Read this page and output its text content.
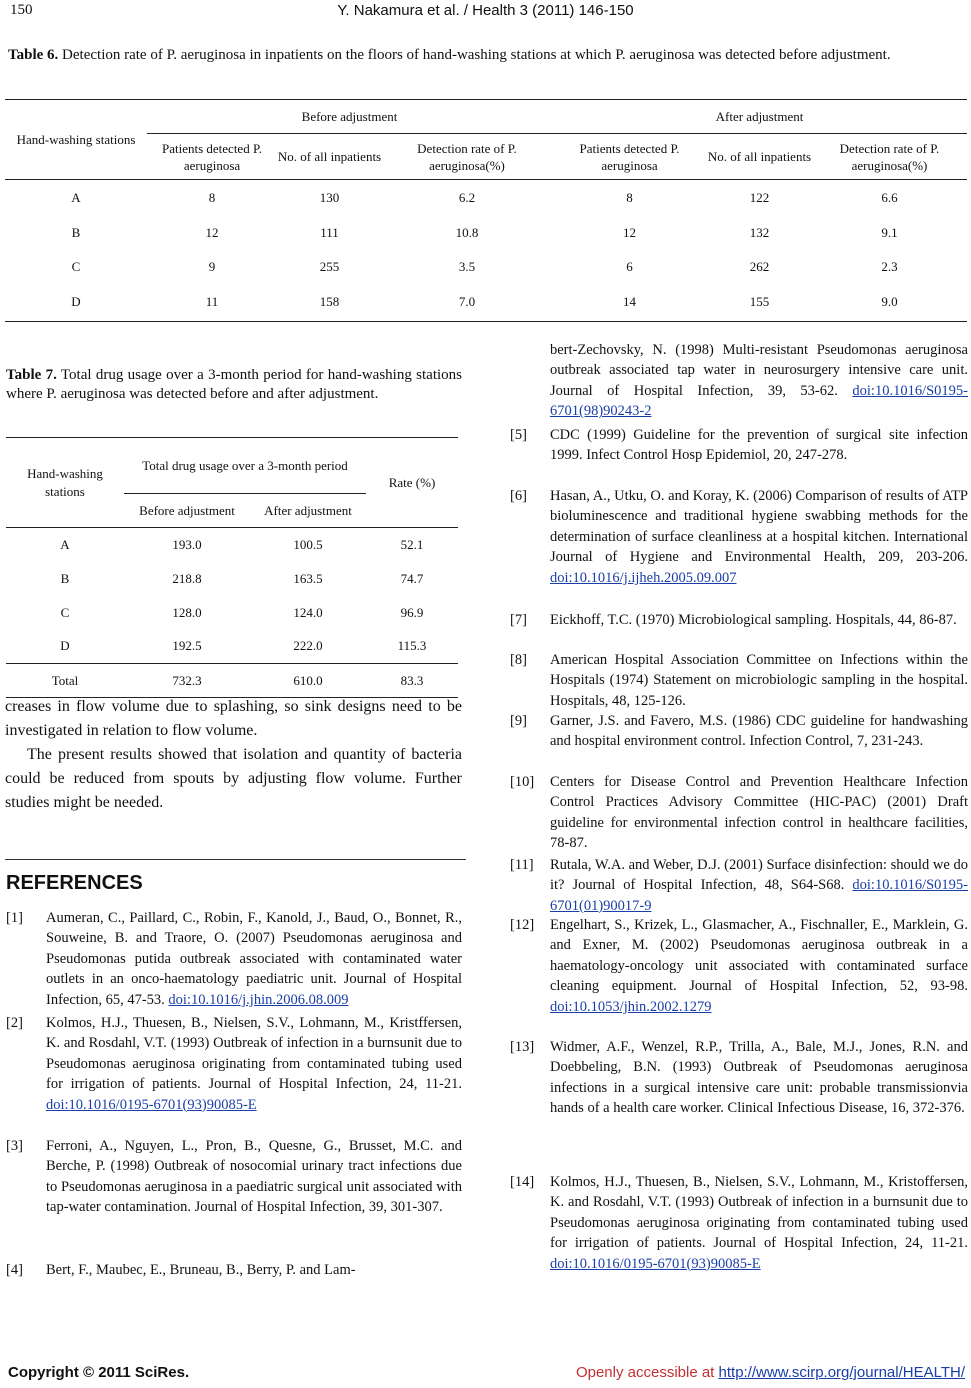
150	Y. Nakamura et al. / Health 3 (2011) 146-150
Table 6. Detection rate of P. aeruginosa in inpatients on the floors of hand-washing stations at which P. aeruginosa was detected before adjustment.
Hand-washing stations	Before adjustment			After adjustment		
	Patients detected P. aeruginosa	No. of all inpatients	Detection rate of P. aeruginosa(%)	Patients detected P. aeruginosa	No. of all inpatients	Detection rate of P. aeruginosa(%)
A	8	130	6.2	8	122	6.6
B	12	111	10.8	12	132	9.1
C	9	255	3.5	6	262	2.3
D	11	158	7.0	14	155	9.0
Table 7. Total drug usage over a 3-month period for hand-washing stations where P. aeruginosa was detected before and after adjustment.
Hand-washing stations	Total drug usage over a 3-month period		Rate (%)
	Before adjustment	After adjustment	
A	193.0	100.5	52.1
B	218.8	163.5	74.7
C	128.0	124.0	96.9
D	192.5	222.0	115.3
Total	732.3	610.0	83.3
creases in flow volume due to splashing, so sink designs need to be investigated in relation to flow volume.
The present results showed that isolation and quantity of bacteria could be reduced from spouts by adjusting flow volume. Further studies might be needed.
REFERENCES
[1] Aumeran, C., Paillard, C., Robin, F., Kanold, J., Baud, O., Bonnet, R., Souweine, B. and Traore, O. (2007) Pseudomonas aeruginosa and Pseudomonas putida outbreak associated with contaminated water outlets in an onco-haematology paediatric unit. Journal of Hospital Infection, 65, 47-53. doi:10.1016/j.jhin.2006.08.009
[2] Kolmos, H.J., Thuesen, B., Nielsen, S.V., Lohmann, M., Kristffersen, K. and Rosdahl, V.T. (1993) Outbreak of infection in a burnsunit due to Pseudomonas aeruginosa originating from contaminated tubing used for irrigation of patients. Journal of Hospital Infection, 24, 11-21. doi:10.1016/0195-6701(93)90085-E
[3] Ferroni, A., Nguyen, L., Pron, B., Quesne, G., Brusset, M.C. and Berche, P. (1998) Outbreak of nosocomial urinary tract infections due to Pseudomonas aeruginosa in a paediatric surgical unit associated with tap-water contamination. Journal of Hospital Infection, 39, 301-307.
[4] Bert, F., Maubec, E., Bruneau, B., Berry, P. and Lam-
bert-Zechovsky, N. (1998) Multi-resistant Pseudomonas aeruginosa outbreak associated tap water in neurosurgery intensive care unit. Journal of Hospital Infection, 39, 53-62. doi:10.1016/S0195-6701(98)90243-2
[5] CDC (1999) Guideline for the prevention of surgical site infection 1999. Infect Control Hosp Epidemiol, 20, 247-278.
[6] Hasan, A., Utku, O. and Koray, K. (2006) Comparison of results of ATP bioluminescence and traditional hygiene swabbing methods for the determination of surface cleanliness at a hospital kitchen. International Journal of Hygiene and Environmental Health, 209, 203-206. doi:10.1016/j.ijheh.2005.09.007
[7] Eickhoff, T.C. (1970) Microbiological sampling. Hospitals, 44, 86-87.
[8] American Hospital Association Committee on Infections within the Hospitals (1974) Statement on microbiologic sampling in the hospital. Hospitals, 48, 125-126.
[9] Garner, J.S. and Favero, M.S. (1986) CDC guideline for handwashing and hospital environment control. Infection Control, 7, 231-243.
[10] Centers for Disease Control and Prevention Healthcare Infection Control Practices Advisory Committee (HIC-PAC) (2001) Draft guideline for environmental infection control in healthcare facilities, 78-87.
[11] Rutala, W.A. and Weber, D.J. (2001) Surface disinfection: should we do it? Journal of Hospital Infection, 48, S64-S68. doi:10.1016/S0195-6701(01)90017-9
[12] Engelhart, S., Krizek, L., Glasmacher, A., Fischnaller, E., Marklein, G. and Exner, M. (2002) Pseudomonas aeruginosa outbreak in a haematology-oncology unit associated with contaminated surface cleaning equipment. Journal of Hospital Infection, 52, 93-98. doi:10.1053/jhin.2002.1279
[13] Widmer, A.F., Wenzel, R.P., Trilla, A., Bale, M.J., Jones, R.N. and Doebbeling, B.N. (1993) Outbreak of Pseudomonas aeruginosa infections in a surgical intensive care unit: probable transmissionvia hands of a health care worker. Clinical Infectious Disease, 16, 372-376.
[14] Kolmos, H.J., Thuesen, B., Nielsen, S.V., Lohmann, M., Kristoffersen, K. and Rosdahl, V.T. (1993) Outbreak of infection in a burnsunit due to Pseudomonas aeruginosa originating from contaminated tubing used for irrigation of patients. Journal of Hospital Infection, 24, 11-21. doi:10.1016/0195-6701(93)90085-E
Copyright © 2011 SciRes.	Openly accessible at http://www.scirp.org/journal/HEALTH/
